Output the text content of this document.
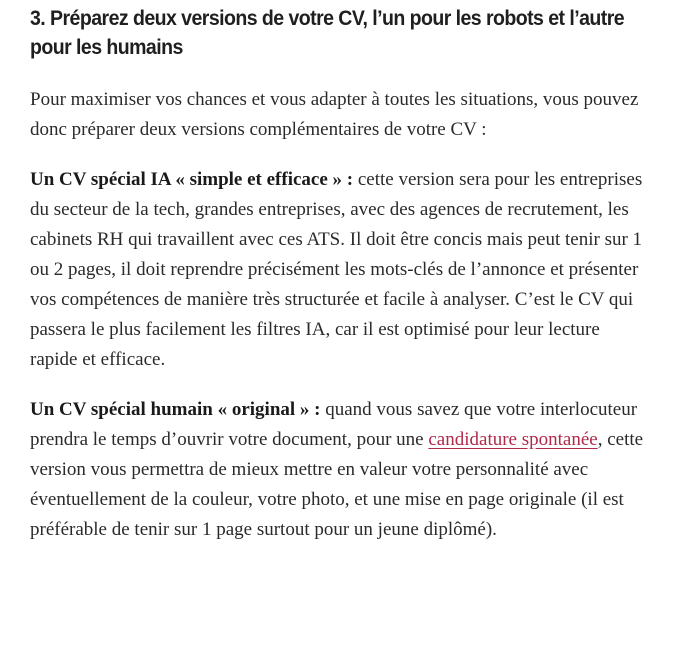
3. Préparez deux versions de votre CV, l’un pour les robots et l’autre pour les humains

Pour maximiser vos chances et vous adapter à toutes les situations, vous pouvez donc préparer deux versions complémentaires de votre CV :

Un CV spécial IA « simple et efficace » : cette version sera pour les entreprises du secteur de la tech, grandes entreprises, avec des agences de recrutement, les cabinets RH qui travaillent avec ces ATS. Il doit être concis mais peut tenir sur 1 ou 2 pages, il doit reprendre précisément les mots-clés de l’annonce et présenter vos compétences de manière très structurée et facile à analyser. C’est le CV qui passera le plus facilement les filtres IA, car il est optimisé pour leur lecture rapide et efficace.

Un CV spécial humain « original » : quand vous savez que votre interlocuteur prendra le temps d’ouvrir votre document, pour une candidature spontanée, cette version vous permettra de mieux mettre en valeur votre personnalité avec éventuellement de la couleur, votre photo, et une mise en page originale (il est préférable de tenir sur 1 page surtout pour un jeune diplômé).
